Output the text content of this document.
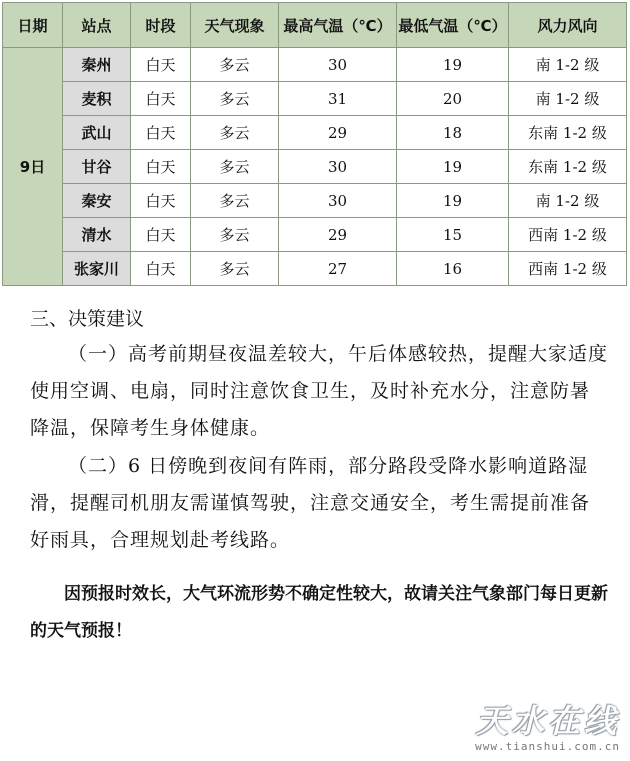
日期	站点	时段	天气现象	最高气温（℃）	最低气温（℃）	风力风向
9日	秦州	白天	多云	30	19	南 1-2 级
	麦积	白天	多云	31	20	南 1-2 级
	武山	白天	多云	29	18	东南 1-2 级
	甘谷	白天	多云	30	19	东南 1-2 级
	秦安	白天	多云	30	19	南 1-2 级
	清水	白天	多云	29	15	西南 1-2 级
	张家川	白天	多云	27	16	西南 1-2 级
三、决策建议

（一）高考前期昼夜温差较大，午后体感较热，提醒大家适度使用空调、电扇，同时注意饮食卫生，及时补充水分，注意防暑降温，保障考生身体健康。

（二）6 日傍晚到夜间有阵雨，部分路段受降水影响道路湿滑，提醒司机朋友需谨慎驾驶，注意交通安全，考生需提前准备好雨具，合理规划赴考线路。

因预报时效长，大气环流形势不确定性较大，故请关注气象部门每日更新的天气预报！
天水在线
www.tianshui.com.cn
